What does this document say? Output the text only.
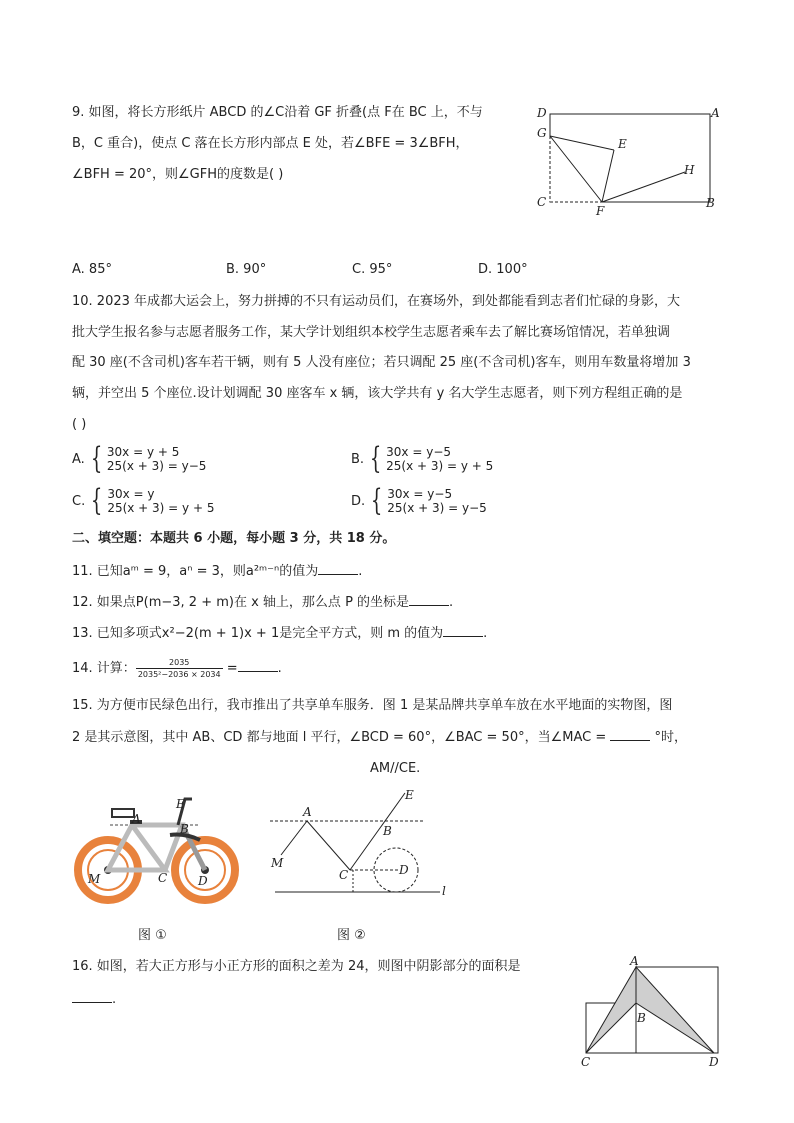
9. 如图，将长方形纸片 ABCD 的∠C沿着 GF 折叠(点 F在 BC 上，不与
B，C 重合)，使点 C 落在长方形内部点 E 处，若∠BFE = 3∠BFH，
∠BFH = 20°，则∠GFH的度数是( )
D	A
G
E
H
C
F
B
A. 85°	B. 90°	C. 95°	D. 100°
10. 2023 年成都大运会上，努力拼搏的不只有运动员们，在赛场外，到处都能看到志者们忙碌的身影，大
批大学生报名参与志愿者服务工作，某大学计划组织本校学生志愿者乘车去了解比赛场馆情况，若单独调
配 30 座(不含司机)客车若干辆，则有 5 人没有座位；若只调配 25 座(不含司机)客车，则用车数量将增加 3
辆，并空出 5 个座位.设计划调配 30 座客车 x 辆，该大学共有 y 名大学生志愿者，则下列方程组正确的是
( )
A. { 30x = y + 5
25(x + 3) = y−5	B. { 30x = y−5
25(x + 3) = y + 5
C. { 30x = y
25(x + 3) = y + 5	D. { 30x = y−5
25(x + 3) = y−5
二、填空题：本题共 6 小题，每小题 3 分，共 18 分。
11. 已知aᵐ = 9，aⁿ = 3，则a²ᵐ⁻ⁿ的值为	.
12. 如果点P(m−3, 2 + m)在 x 轴上，那么点 P 的坐标是	.
13. 已知多项式x²−2(m + 1)x + 1是完全平方式，则 m 的值为	.
14. 计算： $\frac{2035}{\text{2035²−2036 × 2034}}$ =	.
15. 为方便市民绿色出行，我市推出了共享单车服务．图 1 是某品牌共享单车放在水平地面的实物图，图
2 是其示意图，其中 AB、CD 都与地面 l 平行，∠BCD = 60°，∠BAC = 50°，当∠MAC =	°时，
AM//CE.
A
E
B
M	C	D
A
E
B
M
C	D
l
图 ①	图 ②
16. 如图，若大正方形与小正方形的面积之差为 24，则图中阴影部分的面积是
.
A
B
C	D
